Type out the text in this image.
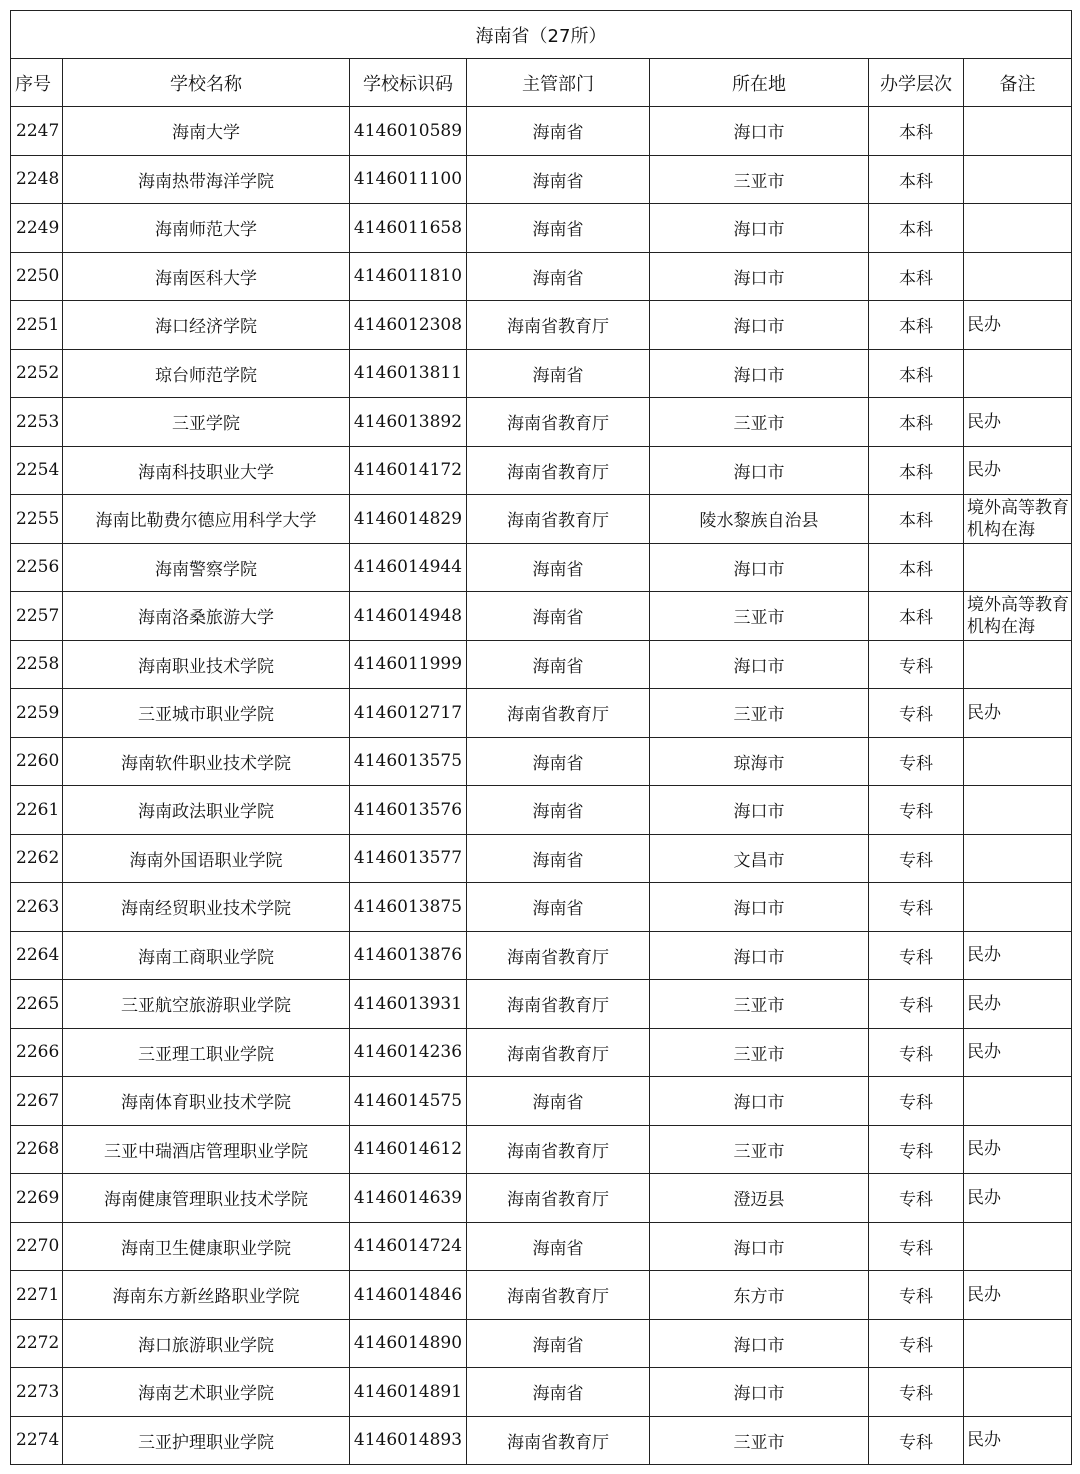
海南省（27所）						
序号	学校名称	学校标识码	主管部门	所在地	办学层次	备注
2247	海南大学	4146010589	海南省	海口市	本科	
2248	海南热带海洋学院	4146011100	海南省	三亚市	本科	
2249	海南师范大学	4146011658	海南省	海口市	本科	
2250	海南医科大学	4146011810	海南省	海口市	本科	
2251	海口经济学院	4146012308	海南省教育厅	海口市	本科	民办
2252	琼台师范学院	4146013811	海南省	海口市	本科	
2253	三亚学院	4146013892	海南省教育厅	三亚市	本科	民办
2254	海南科技职业大学	4146014172	海南省教育厅	海口市	本科	民办
2255	海南比勒费尔德应用科学大学	4146014829	海南省教育厅	陵水黎族自治县	本科	境外高等教育机构在海
2256	海南警察学院	4146014944	海南省	海口市	本科	
2257	海南洛桑旅游大学	4146014948	海南省	三亚市	本科	境外高等教育机构在海
2258	海南职业技术学院	4146011999	海南省	海口市	专科	
2259	三亚城市职业学院	4146012717	海南省教育厅	三亚市	专科	民办
2260	海南软件职业技术学院	4146013575	海南省	琼海市	专科	
2261	海南政法职业学院	4146013576	海南省	海口市	专科	
2262	海南外国语职业学院	4146013577	海南省	文昌市	专科	
2263	海南经贸职业技术学院	4146013875	海南省	海口市	专科	
2264	海南工商职业学院	4146013876	海南省教育厅	海口市	专科	民办
2265	三亚航空旅游职业学院	4146013931	海南省教育厅	三亚市	专科	民办
2266	三亚理工职业学院	4146014236	海南省教育厅	三亚市	专科	民办
2267	海南体育职业技术学院	4146014575	海南省	海口市	专科	
2268	三亚中瑞酒店管理职业学院	4146014612	海南省教育厅	三亚市	专科	民办
2269	海南健康管理职业技术学院	4146014639	海南省教育厅	澄迈县	专科	民办
2270	海南卫生健康职业学院	4146014724	海南省	海口市	专科	
2271	海南东方新丝路职业学院	4146014846	海南省教育厅	东方市	专科	民办
2272	海口旅游职业学院	4146014890	海南省	海口市	专科	
2273	海南艺术职业学院	4146014891	海南省	海口市	专科	
2274	三亚护理职业学院	4146014893	海南省教育厅	三亚市	专科	民办
